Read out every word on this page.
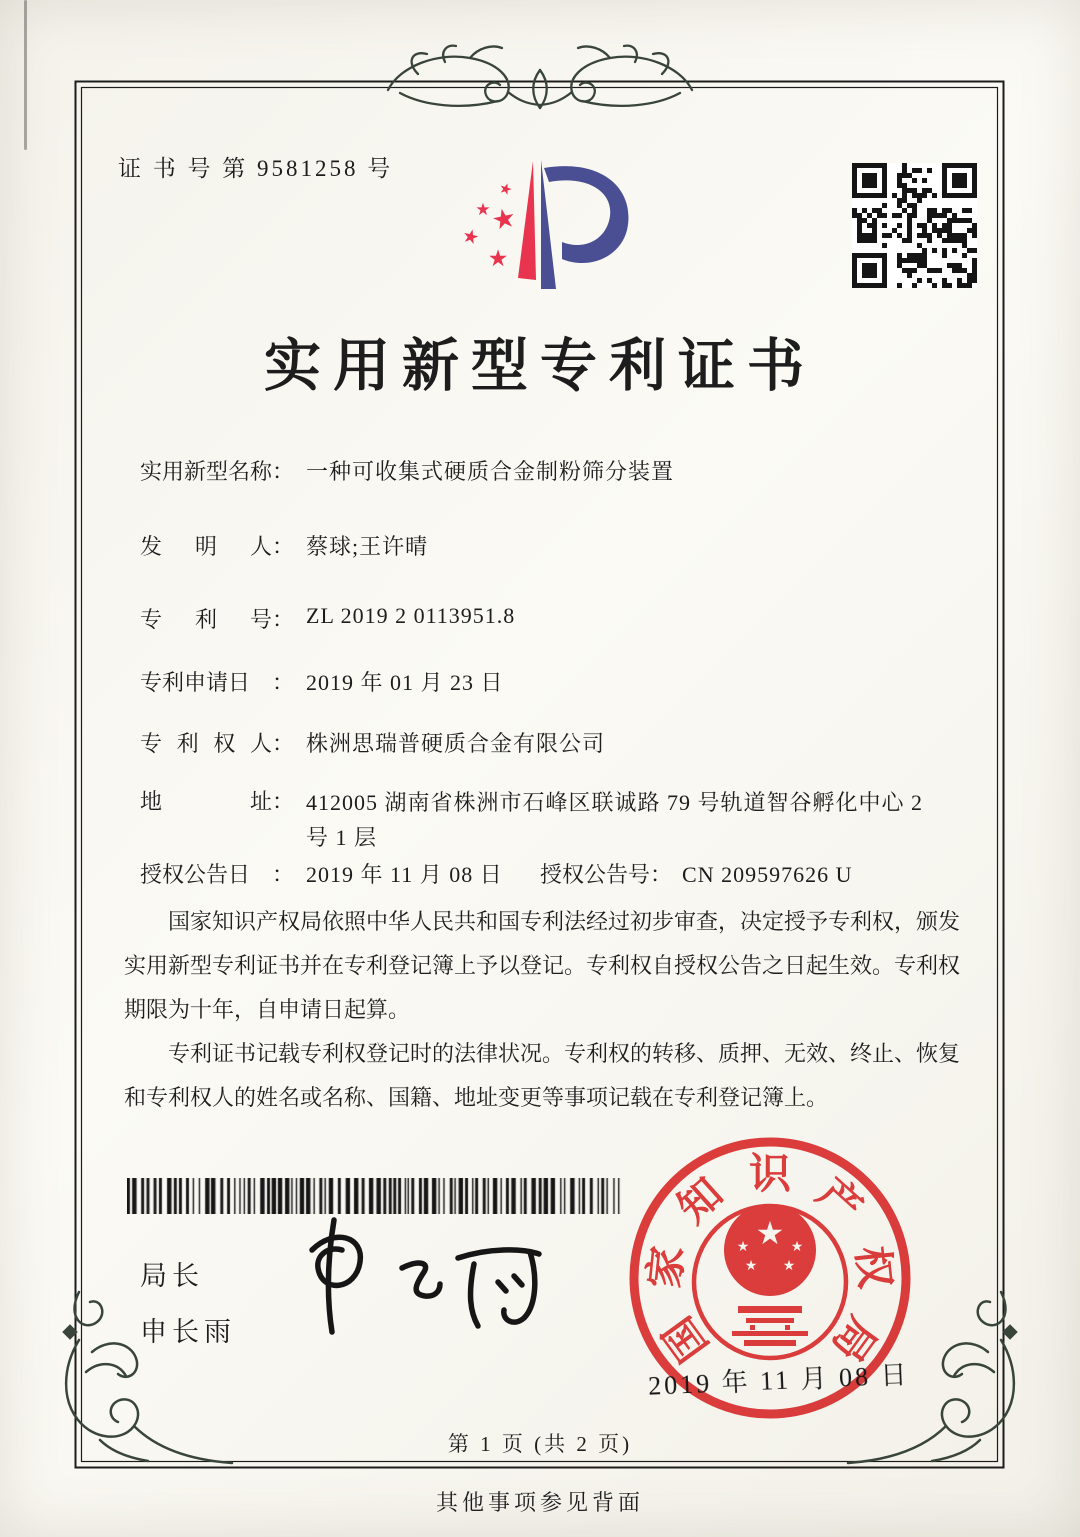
证 书 号 第 9581258 号
★
★
★
★
★
实用新型专利证书
实用新型名称： 一种可收集式硬质合金制粉筛分装置
发明人： 蔡球;王许晴
专利号： ZL 2019 2 0113951.8
专利申请日 ： 2019 年 01 月 23 日
专利权人： 株洲思瑞普硬质合金有限公司
地址： 412005 湖南省株洲市石峰区联诚路 79 号轨道智谷孵化中心 2 号 1 层
授权公告日 ： 2019 年 11 月 08 日 授权公告号： CN 209597626 U

国家知识产权局依照中华人民共和国专利法经过初步审查，决定授予专利权，颁发实用新型专利证书并在专利登记簿上予以登记。专利权自授权公告之日起生效。专利权期限为十年，自申请日起算。

专利证书记载专利权登记时的法律状况。专利权的转移、质押、无效、终止、恢复和专利权人的姓名或名称、国籍、地址变更等事项记载在专利登记簿上。

局长
申长雨	国
家
知 识 产
权
局
★
★	★
★ ★
2019 年 11 月 08 日
第 1 页 (共 2 页)
其他事项参见背面
